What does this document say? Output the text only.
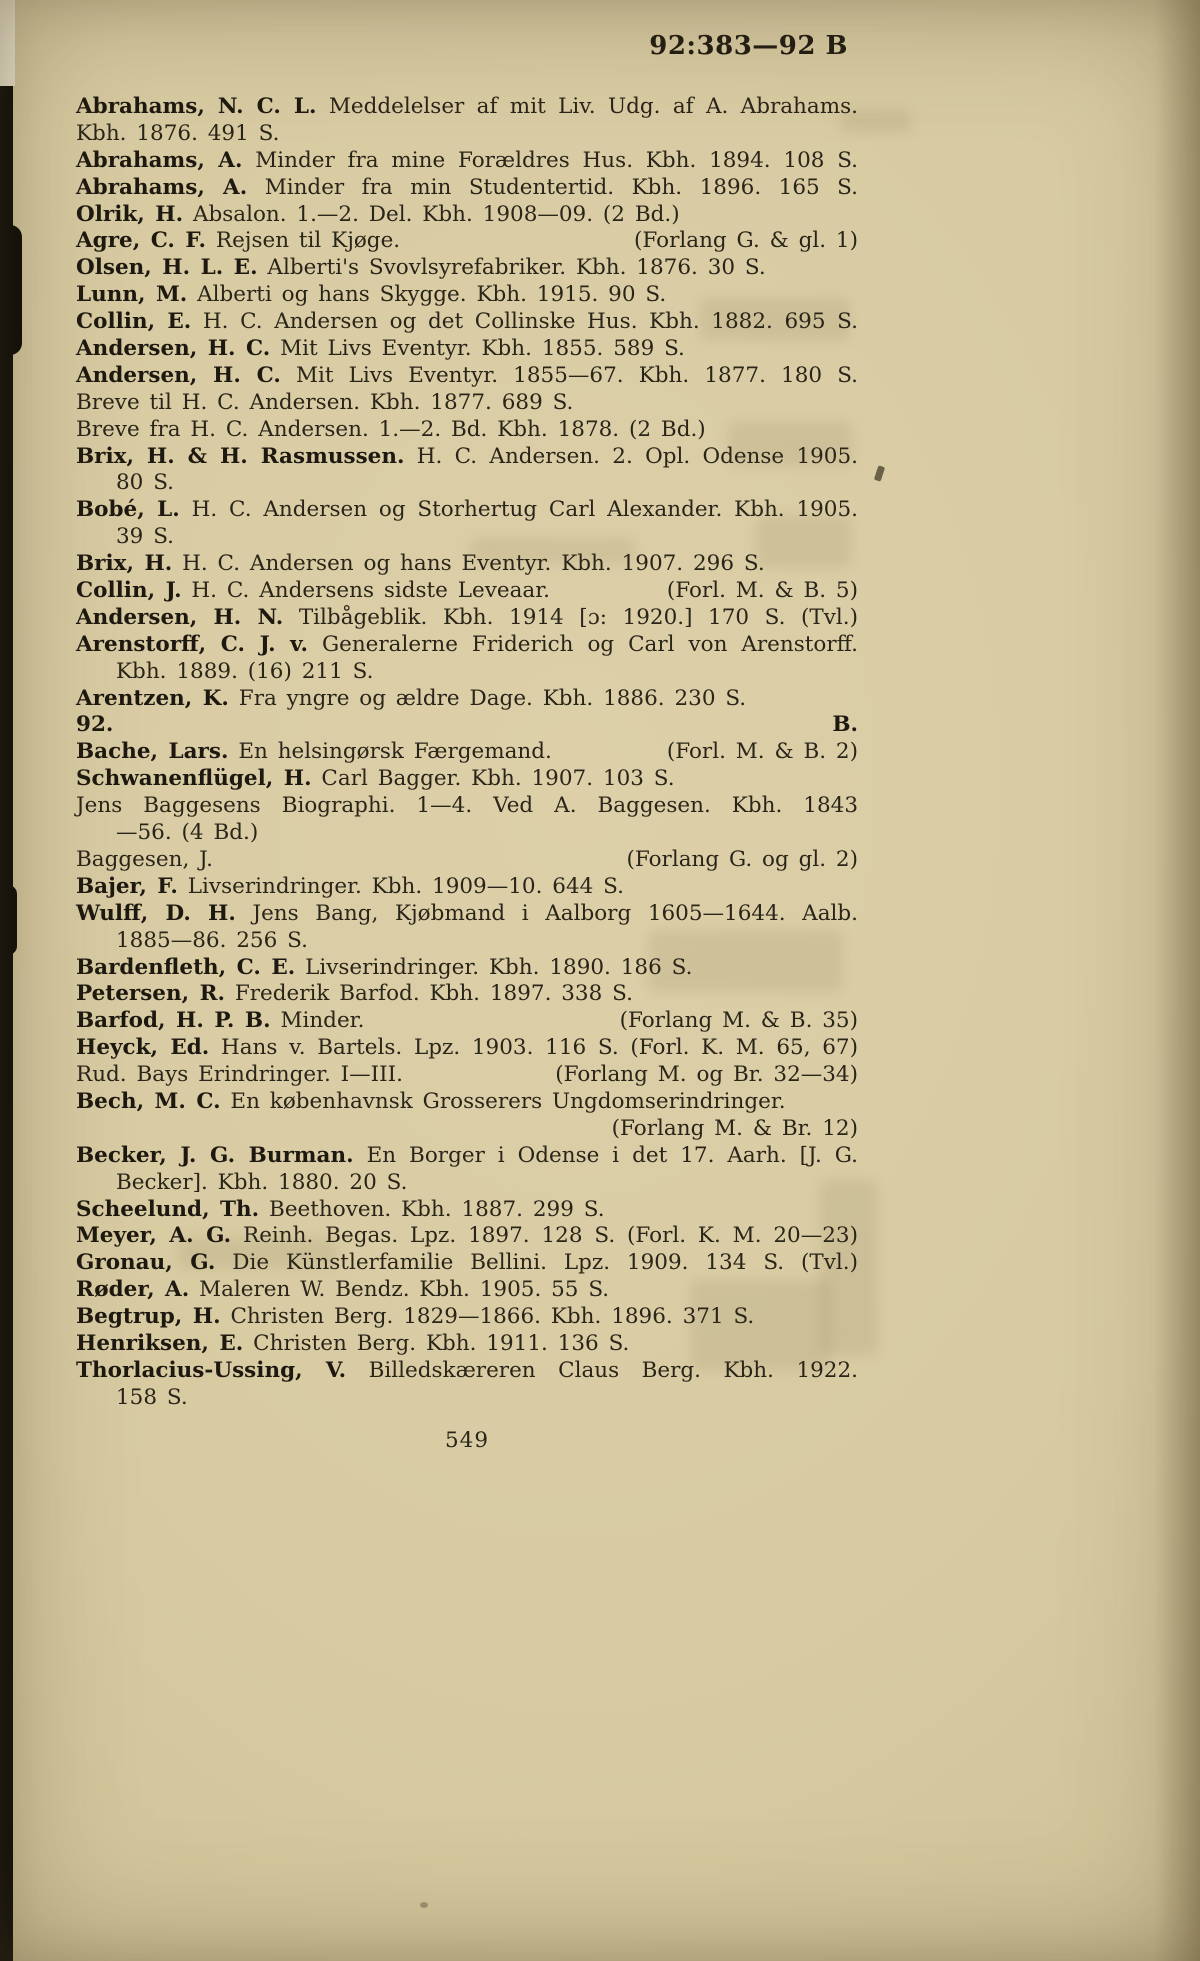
92:383—92 B
Abrahams, N. C. L. Meddelelser af mit Liv. Udg. af A. Abrahams.
Kbh. 1876. 491 S.
Abrahams, A. Minder fra mine Forældres Hus. Kbh. 1894. 108 S.
Abrahams, A. Minder fra min Studentertid. Kbh. 1896. 165 S.
Olrik, H. Absalon. 1.—2. Del. Kbh. 1908—09. (2 Bd.)
Agre, C. F. Rejsen til Kjøge.	(Forlang G. & gl. 1)
Olsen, H. L. E. Alberti's Svovlsyrefabriker. Kbh. 1876. 30 S.
Lunn, M. Alberti og hans Skygge. Kbh. 1915. 90 S.
Collin, E. H. C. Andersen og det Collinske Hus. Kbh. 1882. 695 S.
Andersen, H. C. Mit Livs Eventyr. Kbh. 1855. 589 S.
Andersen, H. C. Mit Livs Eventyr. 1855—67. Kbh. 1877. 180 S.
Breve til H. C. Andersen. Kbh. 1877. 689 S.
Breve fra H. C. Andersen. 1.—2. Bd. Kbh. 1878. (2 Bd.)
Brix, H. & H. Rasmussen. H. C. Andersen. 2. Opl. Odense 1905.
80 S.
Bobé, L. H. C. Andersen og Storhertug Carl Alexander. Kbh. 1905.
39 S.
Brix, H. H. C. Andersen og hans Eventyr. Kbh. 1907. 296 S.
Collin, J. H. C. Andersens sidste Leveaar.	(Forl. M. & B. 5)
Andersen, H. N. Tilbågeblik. Kbh. 1914 [ɔ: 1920.] 170 S. (Tvl.)
Arenstorff, C. J. v. Generalerne Friderich og Carl von Arenstorff.
Kbh. 1889. (16) 211 S.
Arentzen, K. Fra yngre og ældre Dage. Kbh. 1886. 230 S.
92.	B.
Bache, Lars. En helsingørsk Færgemand.	(Forl. M. & B. 2)
Schwanenflügel, H. Carl Bagger. Kbh. 1907. 103 S.
Jens Baggesens Biographi. 1—4. Ved A. Baggesen. Kbh. 1843
—56. (4 Bd.)
Baggesen, J.	(Forlang G. og gl. 2)
Bajer, F. Livserindringer. Kbh. 1909—10. 644 S.
Wulff, D. H. Jens Bang, Kjøbmand i Aalborg 1605—1644. Aalb.
1885—86. 256 S.
Bardenfleth, C. E. Livserindringer. Kbh. 1890. 186 S.
Petersen, R. Frederik Barfod. Kbh. 1897. 338 S.
Barfod, H. P. B. Minder.	(Forlang M. & B. 35)
Heyck, Ed. Hans v. Bartels. Lpz. 1903. 116 S. (Forl. K. M. 65, 67)
Rud. Bays Erindringer. I—III.	(Forlang M. og Br. 32—34)
Bech, M. C. En københavnsk Grosserers Ungdomserindringer.
(Forlang M. & Br. 12)
Becker, J. G. Burman. En Borger i Odense i det 17. Aarh. [J. G.
Becker]. Kbh. 1880. 20 S.
Scheelund, Th. Beethoven. Kbh. 1887. 299 S.
Meyer, A. G. Reinh. Begas. Lpz. 1897. 128 S. (Forl. K. M. 20—23)
Gronau, G. Die Künstlerfamilie Bellini. Lpz. 1909. 134 S. (Tvl.)
Røder, A. Maleren W. Bendz. Kbh. 1905. 55 S.
Begtrup, H. Christen Berg. 1829—1866. Kbh. 1896. 371 S.
Henriksen, E. Christen Berg. Kbh. 1911. 136 S.
Thorlacius-Ussing, V. Billedskæreren Claus Berg. Kbh. 1922.
158 S.
549
